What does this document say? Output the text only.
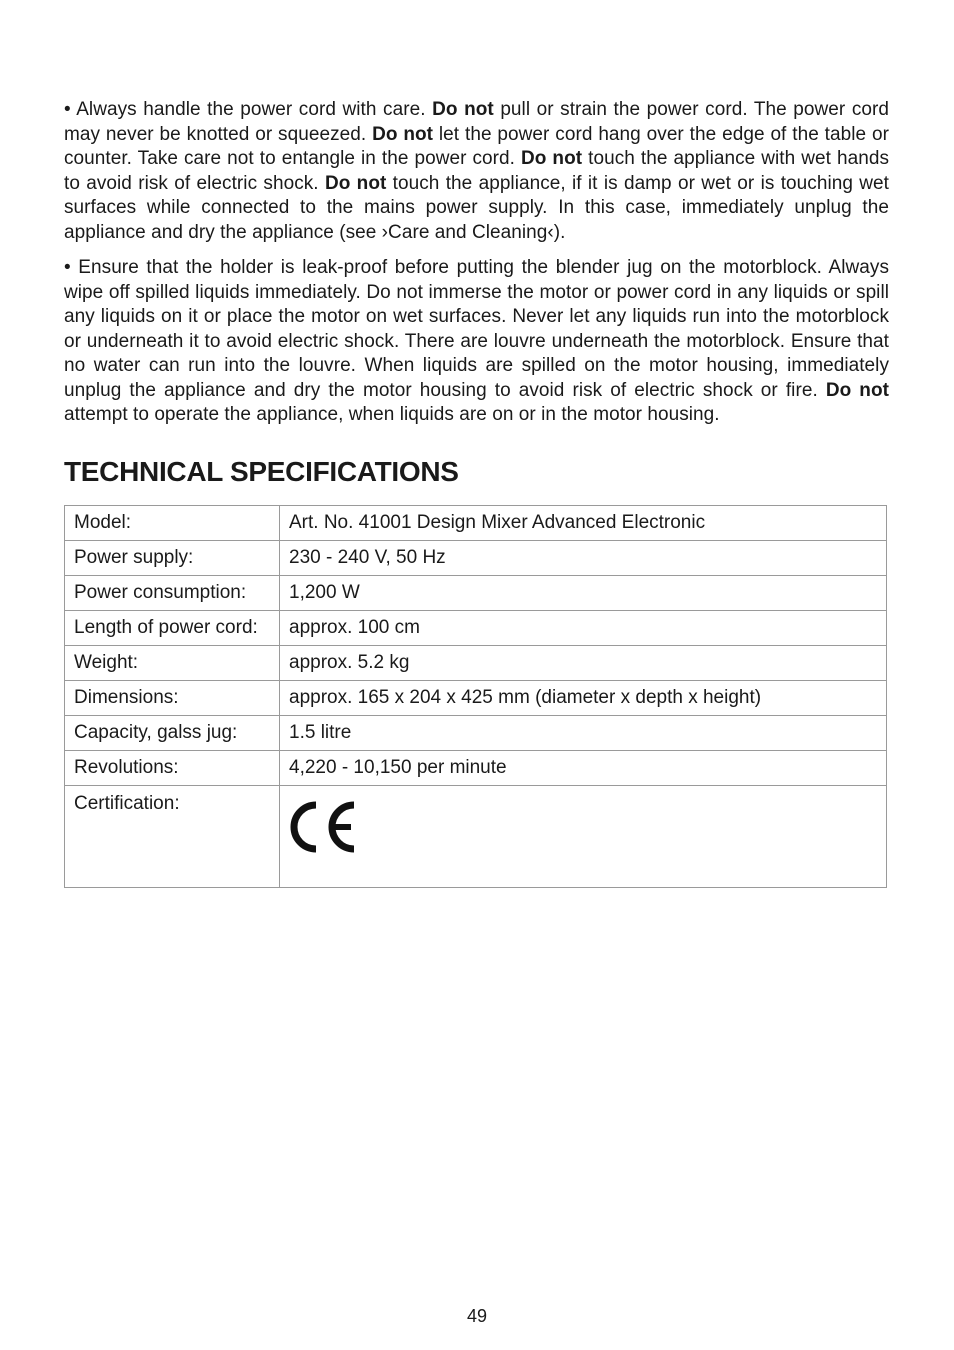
• Always handle the power cord with care. Do not pull or strain the power cord. The power cord may never be knotted or squeezed. Do not let the power cord hang over the edge of the table or counter. Take care not to entangle in the power cord. Do not touch the appliance with wet hands to avoid risk of electric shock. Do not touch the appliance, if it is damp or wet or is touching wet surfaces while connected to the mains power supply. In this case, immediately unplug the appliance and dry the appliance (see ›Care and Cleaning‹).

• Ensure that the holder is leak-proof before putting the blender jug on the motorblock. Always wipe off spilled liquids immediately. Do not immerse the motor or power cord in any liquids or spill any liquids on it or place the motor on wet surfaces. Never let any liquids run into the motorblock or underneath it to avoid electric shock. There are louvre underneath the motorblock. Ensure that no water can run into the louvre. When liquids are spilled on the motor housing, immediately unplug the appliance and dry the motor housing to avoid risk of electric shock or fire. Do not attempt to operate the appliance, when liquids are on or in the motor housing.

TECHNICAL SPECIFICATIONS
Model:	Art. No. 41001 Design Mixer Advanced Electronic
Power supply:	230 - 240 V, 50 Hz
Power consumption:	1,200 W
Length of power cord:	approx. 100 cm
Weight:	approx. 5.2 kg
Dimensions:	approx. 165 x 204 x 425 mm (diameter x depth x height)
Capacity, galss jug:	1.5 litre
Revolutions:	4,220 - 10,150 per minute
Certification:	
49
